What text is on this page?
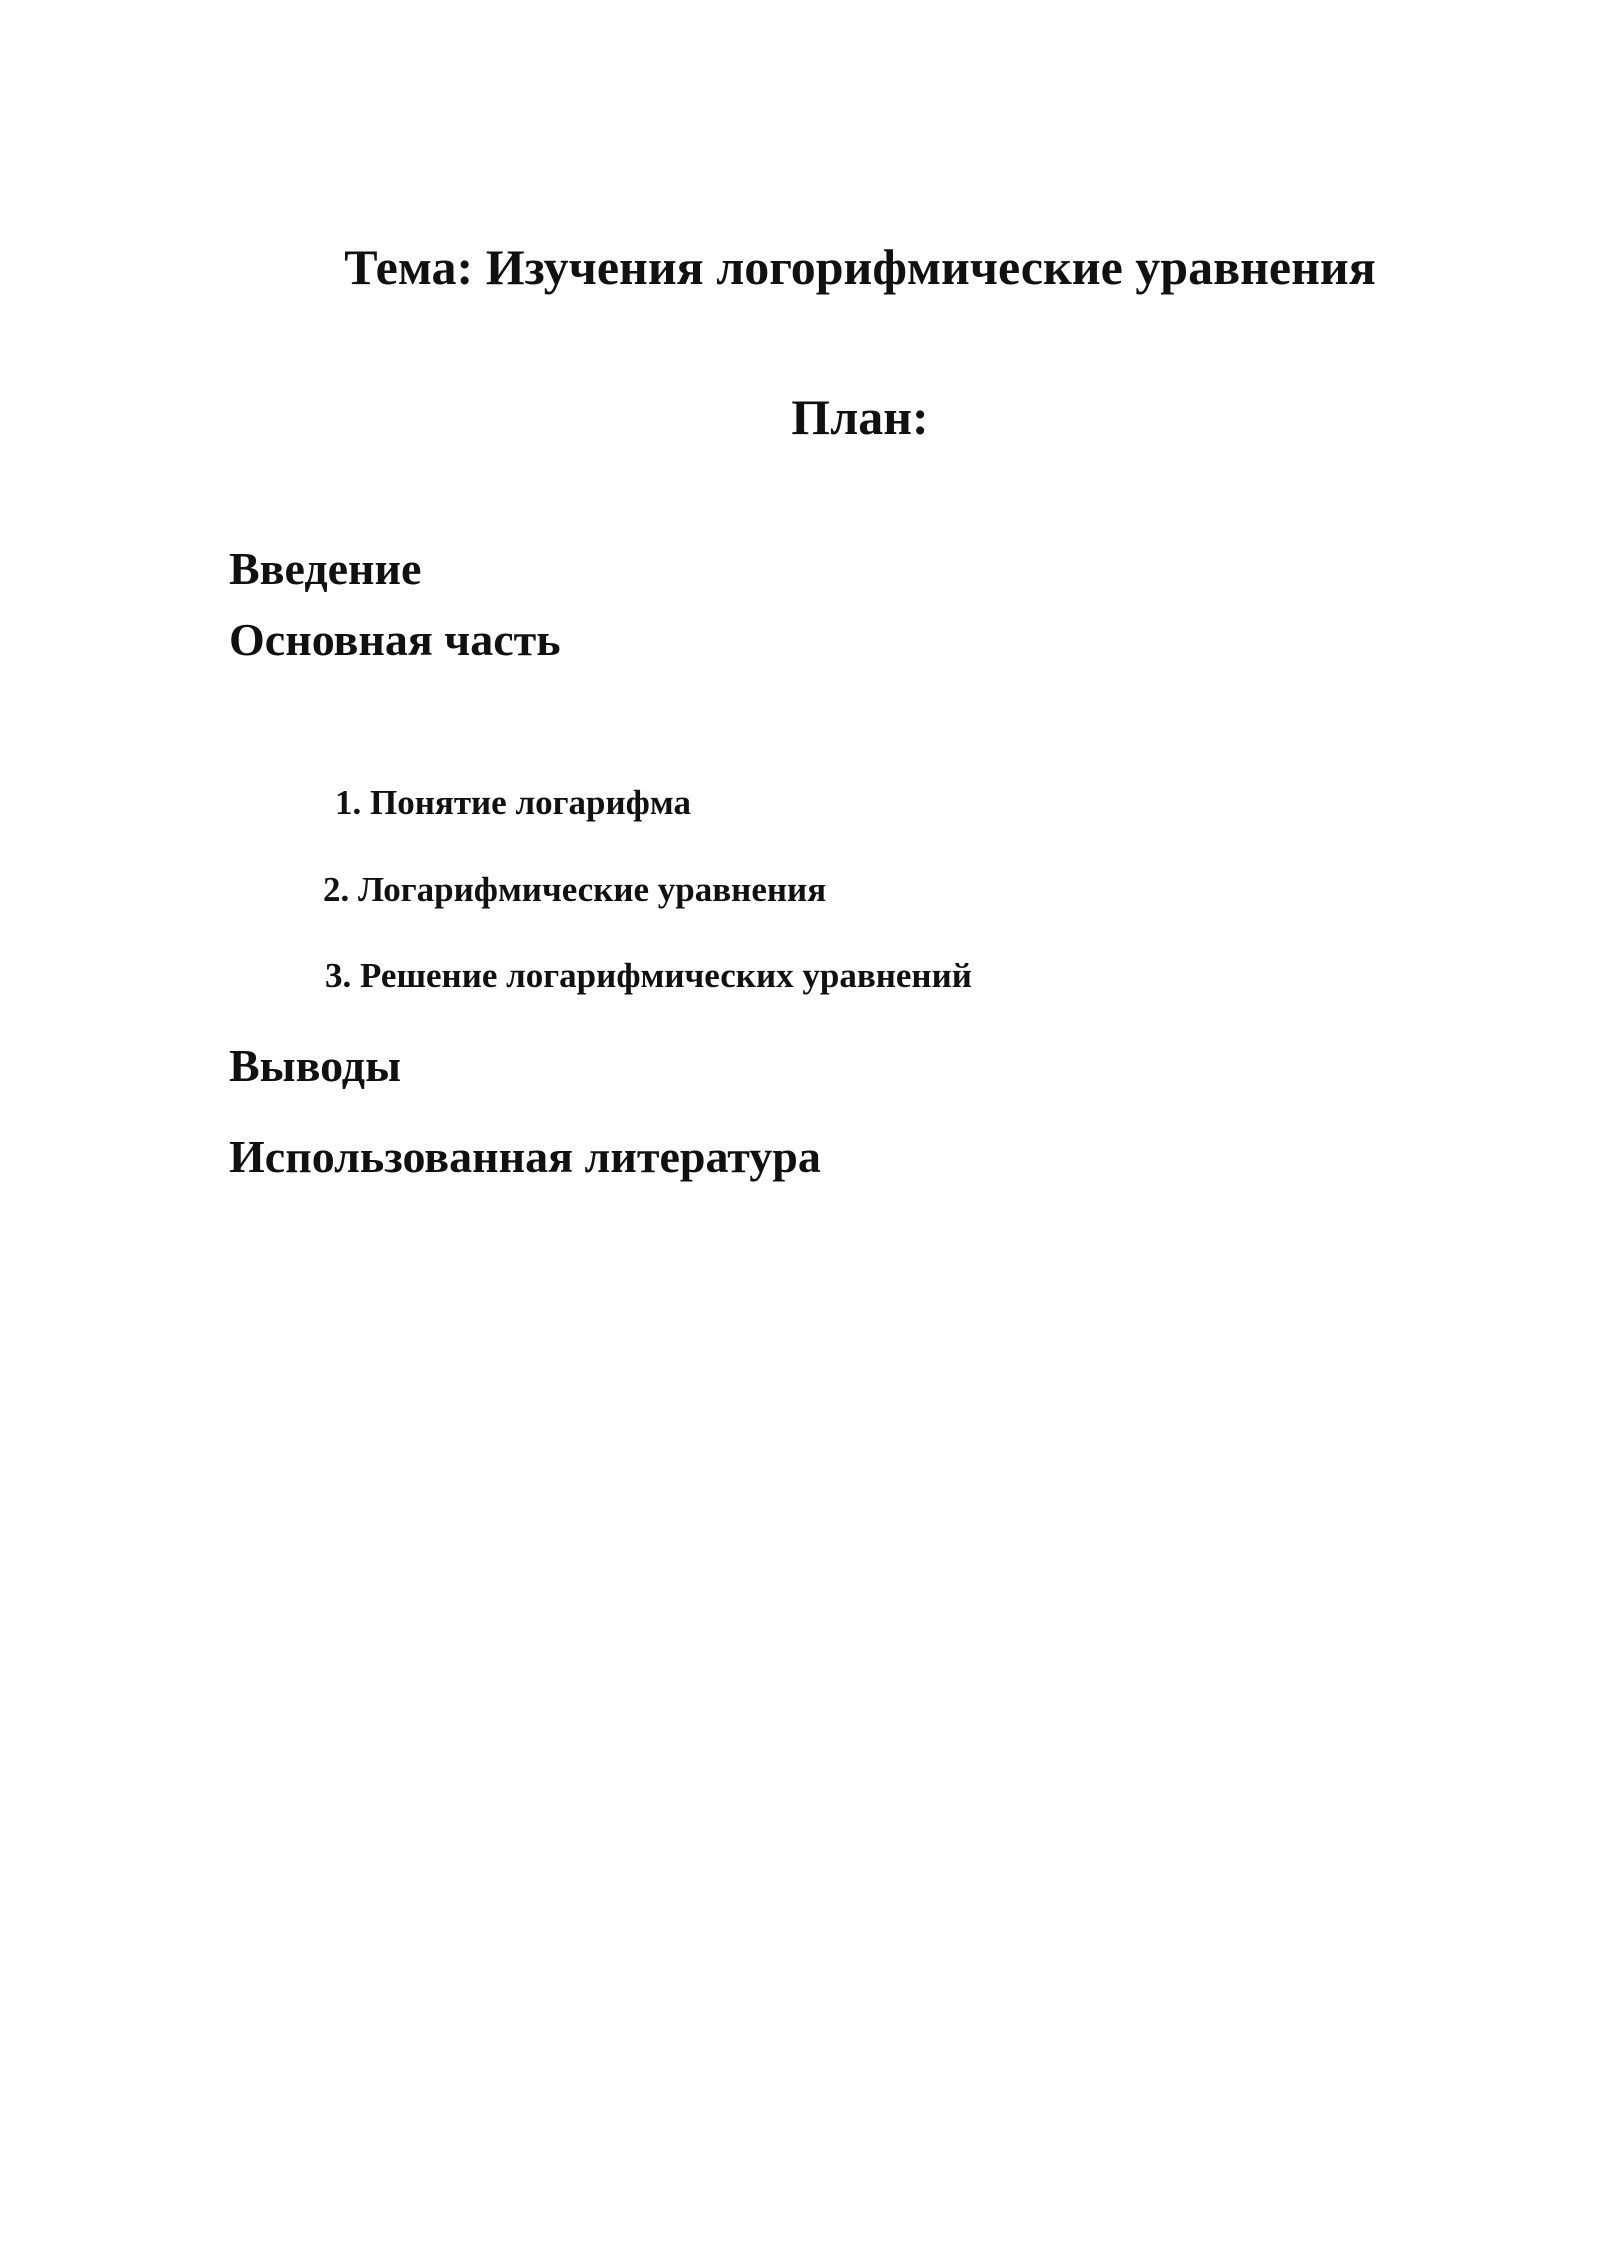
Тема: Изучения логорифмические уравнения
План:
Введение
Основная часть
1. Понятие логарифма
2. Логарифмические уравнения
3. Решение логарифмических уравнений
Выводы
Использованная литература
